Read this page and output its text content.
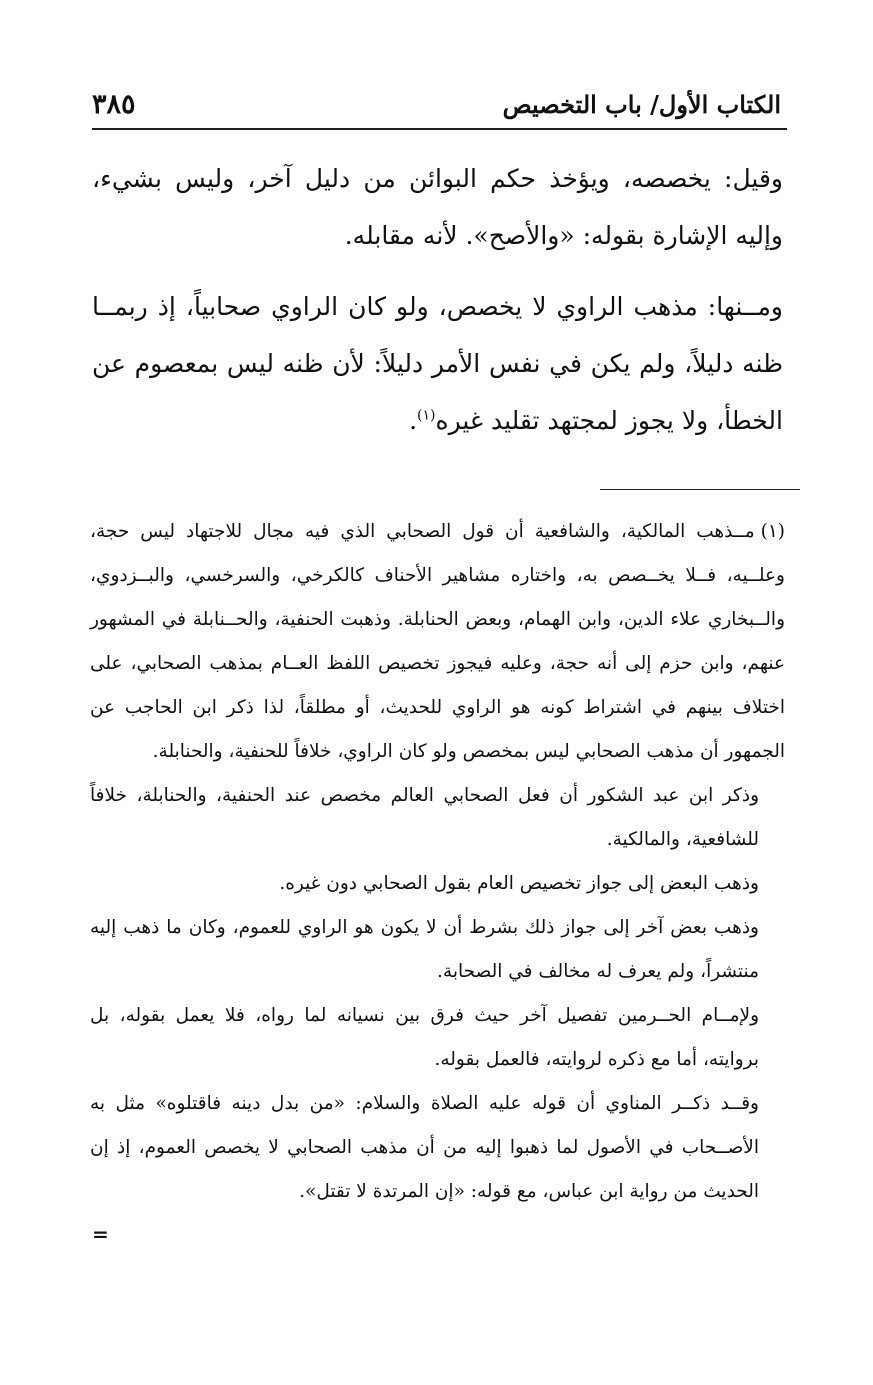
الكتاب الأول/ باب التخصيص
٣٨٥

وقيل: يخصصه، ويؤخذ حكم البوائن من دليل آخر، وليس بشيء، وإليه الإشارة بقوله: «والأصح». لأنه مقابله.

ومــنها: مذهب الراوي لا يخصص، ولو كان الراوي صحابياً، إذ ربمــا ظنه دليلاً، ولم يكن في نفس الأمر دليلاً: لأن ظنه ليس بمعصوم عن الخطأ، ولا يجوز لمجتهد تقليد غيره$^{(١)}$.

(١)مــذهب المالكية، والشافعية أن قول الصحابي الذي فيه مجال للاجتهاد ليس حجة، وعلــيه، فــلا يخــصص به، واختاره مشاهير الأحناف كالكرخي، والسرخسي، والبــزدوي، والــبخاري علاء الدين، وابن الهمام، وبعض الحنابلة. وذهبت الحنفية، والحــنابلة في المشهور عنهم، وابن حزم إلى أنه حجة، وعليه فيجوز تخصيص اللفظ العــام بمذهب الصحابي، على اختلاف بينهم في اشتراط كونه هو الراوي للحديث، أو مطلقاً، لذا ذكر ابن الحاجب عن الجمهور أن مذهب الصحابي ليس بمخصص ولو كان الراوي، خلافاً للحنفية، والحنابلة.

وذكر ابن عبد الشكور أن فعل الصحابي العالم مخصص عند الحنفية، والحنابلة، خلافاً للشافعية، والمالكية.

وذهب البعض إلى جواز تخصيص العام بقول الصحابي دون غيره.

وذهب بعض آخر إلى جواز ذلك بشرط أن لا يكون هو الراوي للعموم، وكان ما ذهب إليه منتشراً، ولم يعرف له مخالف في الصحابة.

ولإمــام الحــرمين تفصيل آخر حيث فرق بين نسيانه لما رواه، فلا يعمل بقوله، بل بروايته، أما مع ذكره لروايته، فالعمل بقوله.

وقــد ذكــر المناوي أن قوله عليه الصلاة والسلام: «من بدل دينه فاقتلوه» مثل به الأصــحاب في الأصول لما ذهبوا إليه من أن مذهب الصحابي لا يخصص العموم، إذ إن الحديث من رواية ابن عباس، مع قوله: «إن المرتدة لا تقتل».

=
